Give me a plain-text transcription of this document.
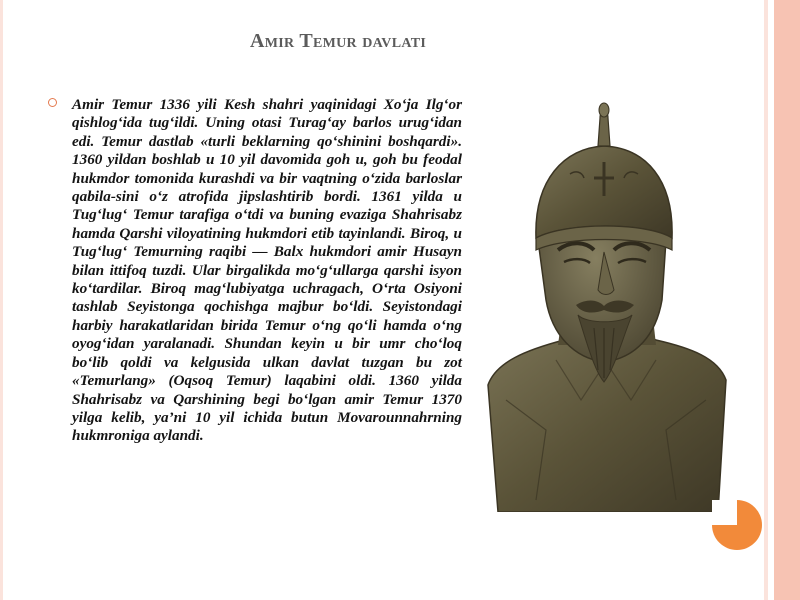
Amir Temur davlati
Amir Temur 1336 yili Kesh shahri yaqinidagi Xo‘ja Ilg‘or qishlog‘ida tug‘ildi. Uning otasi Turag‘ay barlos urug‘idan edi. Temur dastlab «turli beklarning qo‘shinini boshqardi». 1360 yildan boshlab u 10 yil davomida goh u, goh bu feodal hukmdor tomonida kurashdi va bir vaqtning o‘zida barloslar qabila-sini o‘z atrofida jipslashtirib bordi. 1361 yilda u Tug‘lug‘ Temur tarafiga o‘tdi va buning evaziga Shahrisabz hamda Qarshi viloyatining hukmdori etib tayinlandi. Biroq, u Tug‘lug‘ Temurning raqibi — Balx hukmdori amir Husayn bilan ittifoq tuzdi. Ular birgalikda mo‘g‘ullarga qarshi isyon ko‘tardilar. Biroq mag‘lubiyatga uchragach, O‘rta Osiyoni tashlab Seyistonga qochishga majbur bo‘ldi. Seyistondagi harbiy harakatlaridan birida Temur o‘ng qo‘li hamda o‘ng oyog‘idan yaralanadi. Shundan keyin u bir umr cho‘loq bo‘lib qoldi va kelgusida ulkan davlat tuzgan bu zot «Temurlang» (Oqsoq Temur) laqabini oldi. 1360 yilda Shahrisabz va Qarshining begi bo‘lgan amir Temur 1370 yilga kelib, ya’ni 10 yil ichida butun Movarounnahrning hukmroniga aylandi.
